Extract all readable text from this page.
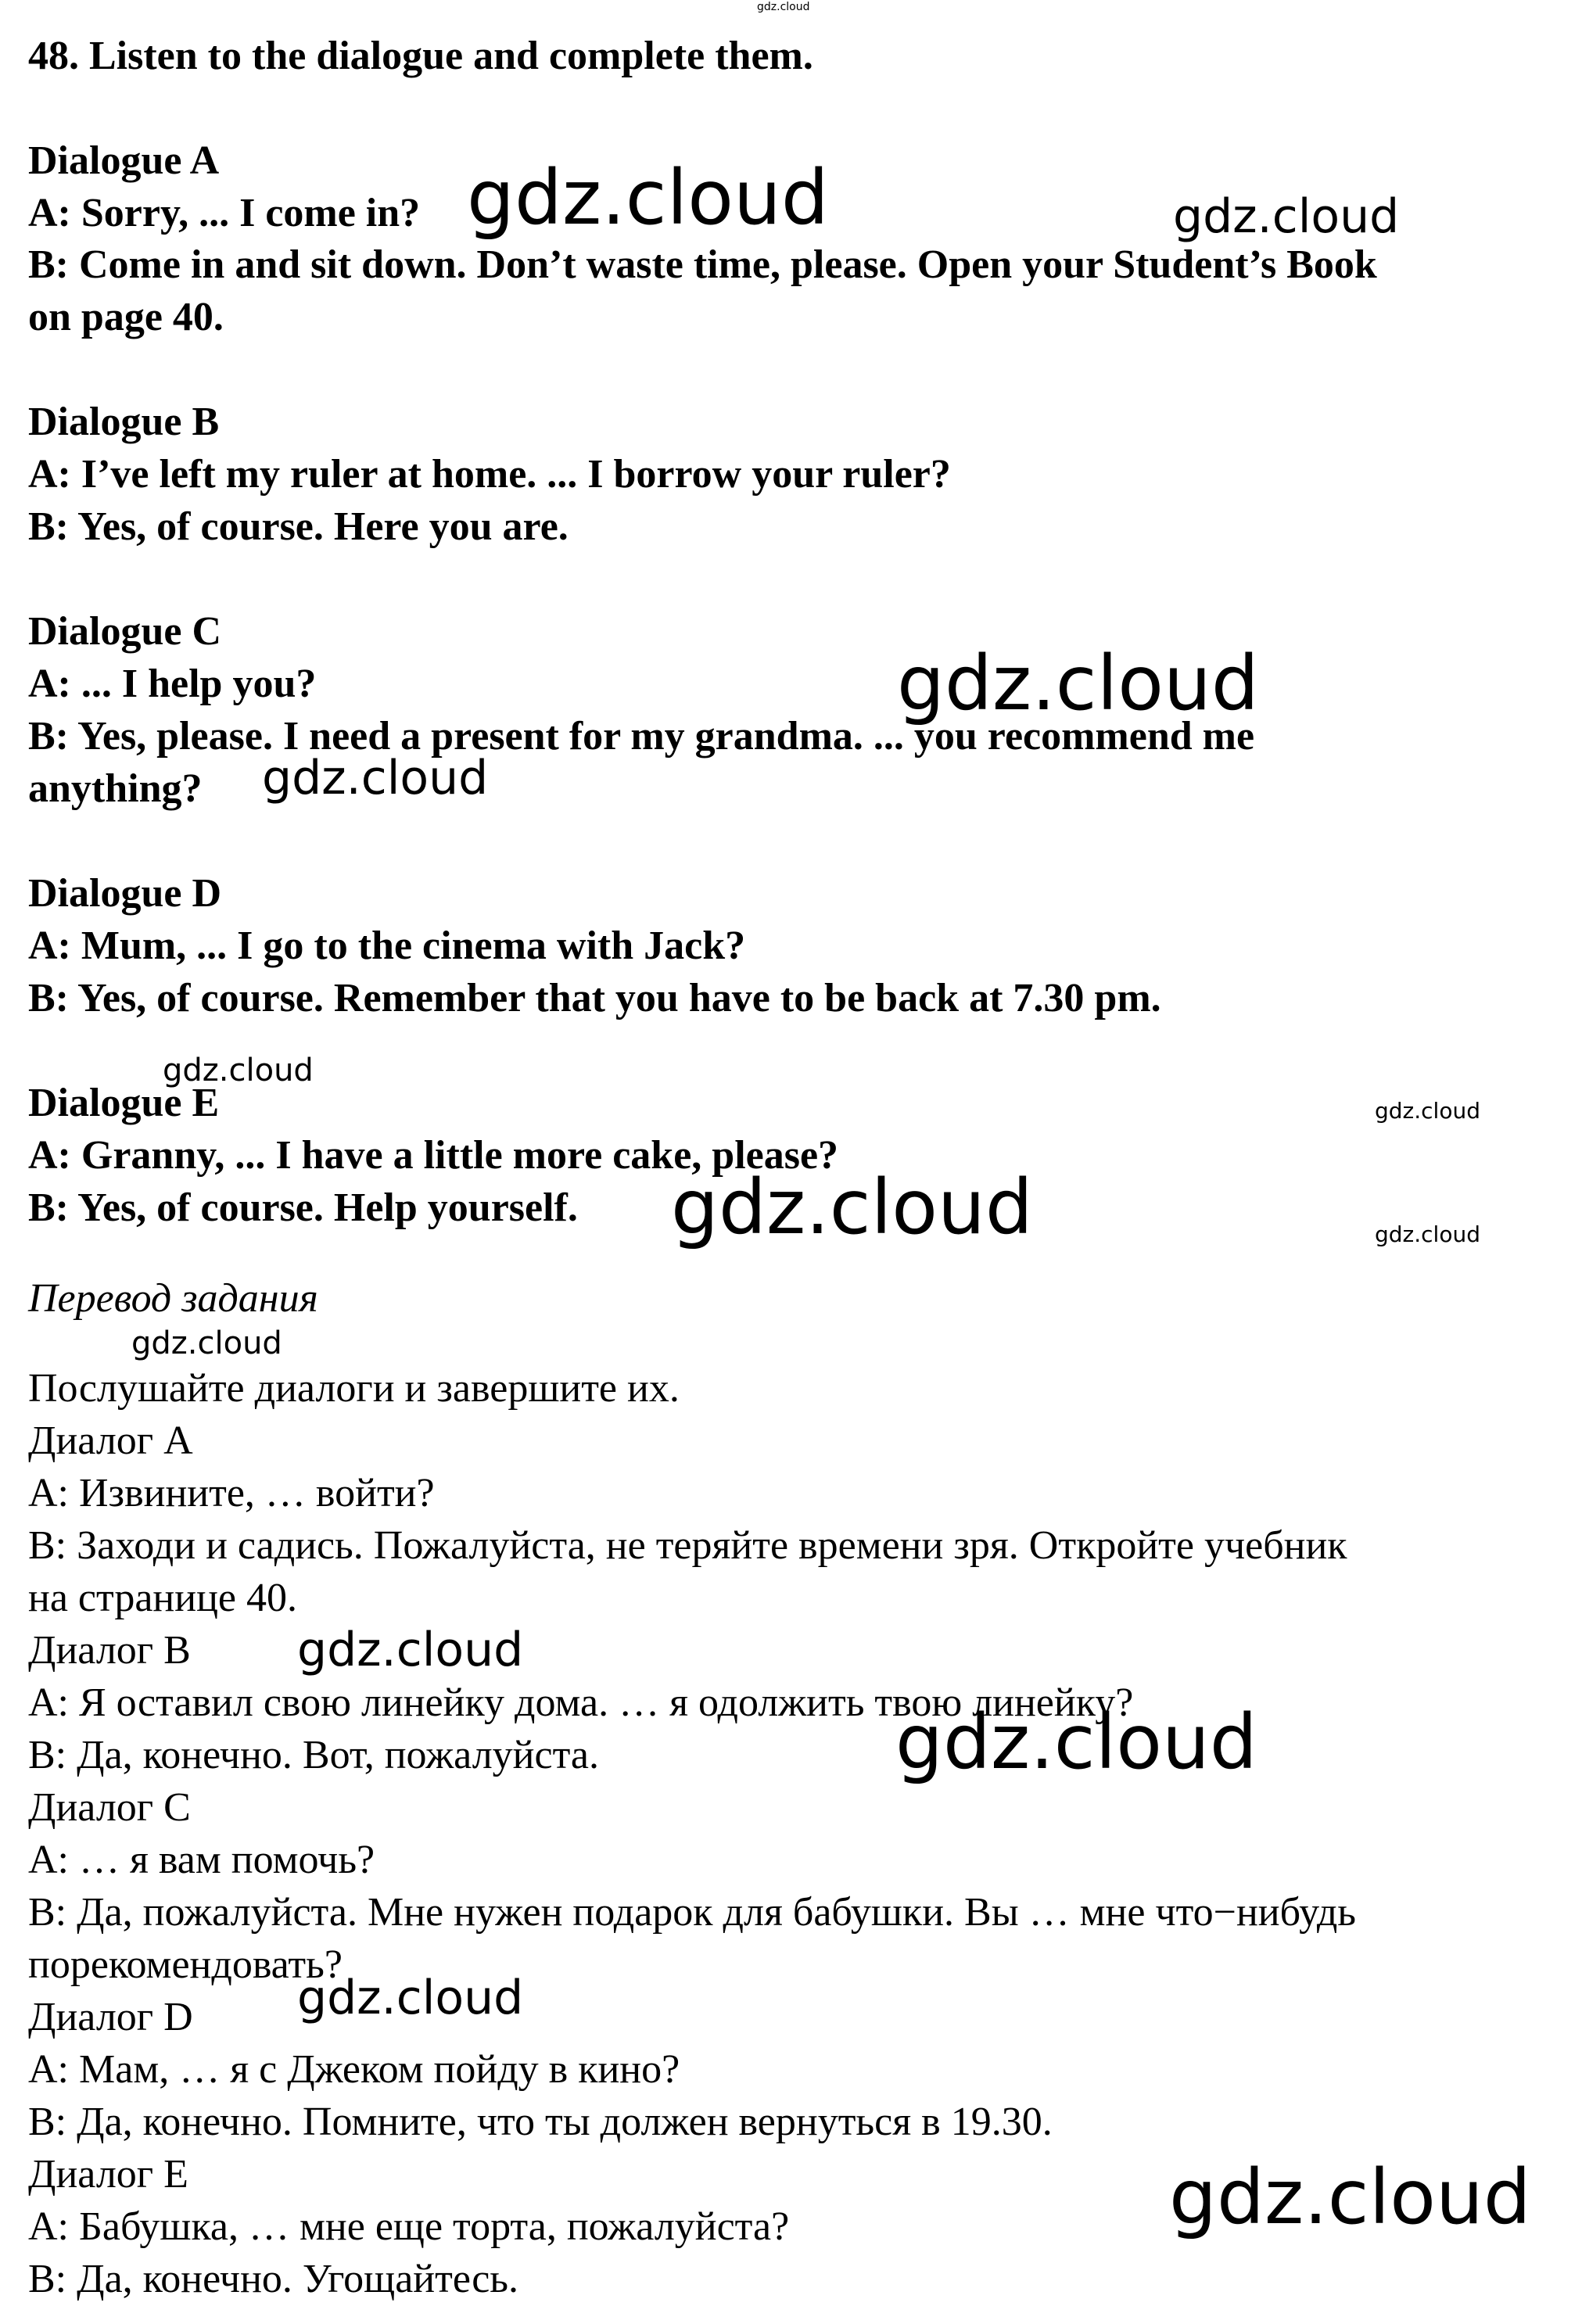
gdz.cloud
48. Listen to the dialogue and complete them.
Dialogue A
A: Sorry, ... I come in?
B: Come in and sit down. Don’t waste time, please. Open your Student’s Book
on page 40.
Dialogue B
A: I’ve left my ruler at home. ... I borrow your ruler?
B: Yes, of course. Here you are.
Dialogue C
A: ... I help you?
B: Yes, please. I need a present for my grandma. ... you recommend me
anything?
Dialogue D
A: Mum, ... I go to the cinema with Jack?
B: Yes, of course. Remember that you have to be back at 7.30 pm.
Dialogue E
A: Granny, ... I have a little more cake, please?
B: Yes, of course. Help yourself.
Перевод задания
Послушайте диалоги и завершите их.
Диалог А
А: Извините, … войти?
В: Заходи и садись. Пожалуйста, не теряйте времени зря. Откройте учебник
на странице 40.
Диалог В
А: Я оставил свою линейку дома. … я одолжить твою линейку?
В: Да, конечно. Вот, пожалуйста.
Диалог С
А: … я вам помочь?
В: Да, пожалуйста. Мне нужен подарок для бабушки. Вы … мне что−нибудь
порекомендовать?
Диалог D
А: Мам, … я с Джеком пойду в кино?
В: Да, конечно. Помните, что ты должен вернуться в 19.30.
Диалог Е
А: Бабушка, … мне еще торта, пожалуйста?
В: Да, конечно. Угощайтесь.
gdz.cloud	gdz.cloud
gdz.cloud
gdz.cloud
gdz.cloud
gdz.cloud
gdz.cloud	gdz.cloud
gdz.cloud
gdz.cloud
gdz.cloud
gdz.cloud
gdz.cloud
